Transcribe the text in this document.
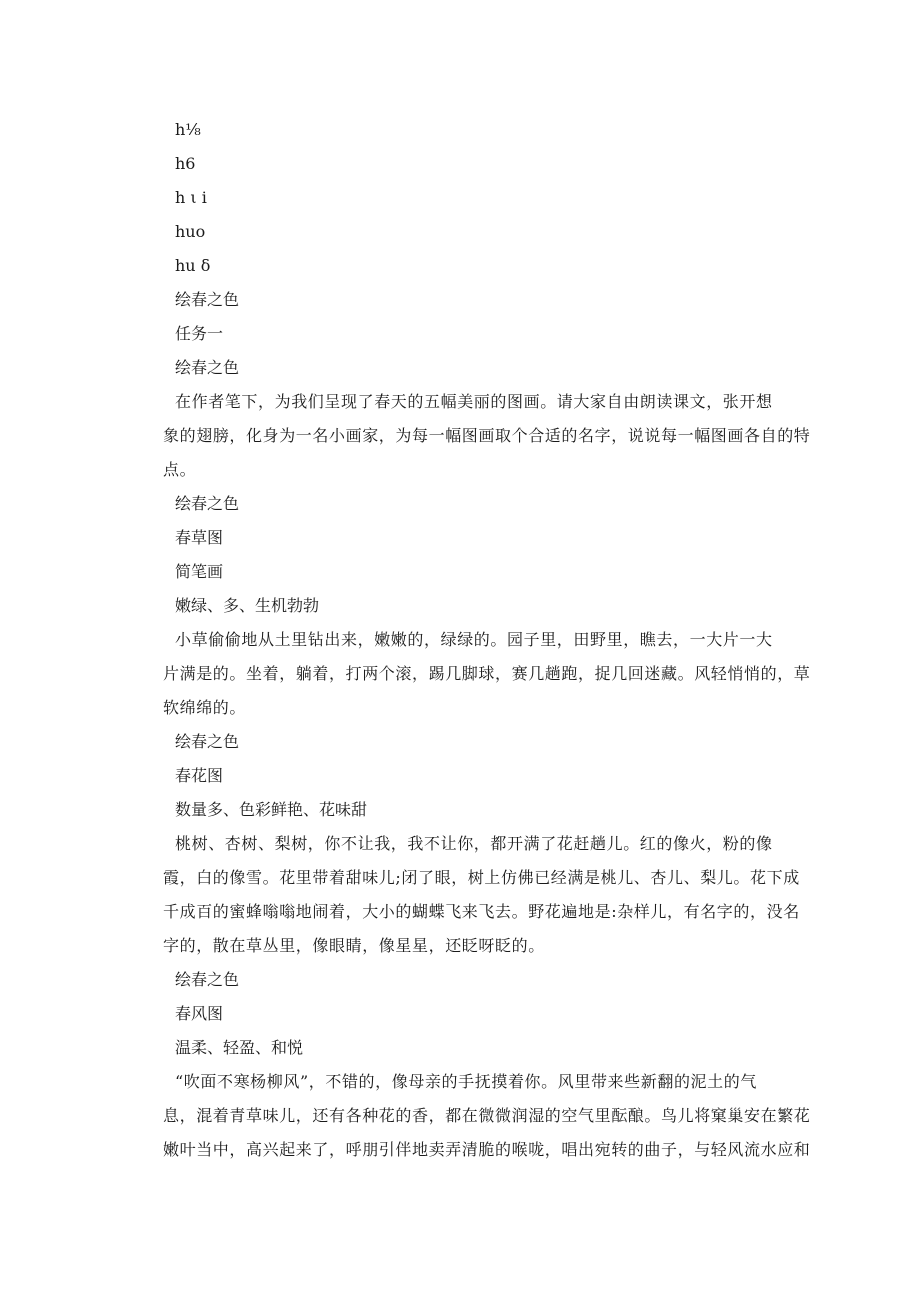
h⅛
h6
h ι i
huo
hu δ
绘春之色
任务一
绘春之色
在作者笔下，为我们呈现了春天的五幅美丽的图画。请大家自由朗读课文，张开想
象的翅膀，化身为一名小画家，为每一幅图画取个合适的名字，说说每一幅图画各自的特
点。
绘春之色
春草图
简笔画
嫩绿、多、生机勃勃
小草偷偷地从土里钻出来，嫩嫩的，绿绿的。园子里，田野里，瞧去，一大片一大
片满是的。坐着，躺着，打两个滚，踢几脚球，赛几趟跑，捉几回迷藏。风轻悄悄的，草
软绵绵的。
绘春之色
春花图
数量多、色彩鲜艳、花味甜
桃树、杏树、梨树，你不让我，我不让你，都开满了花赶趟儿。红的像火，粉的像
霞，白的像雪。花里带着甜味儿;闭了眼，树上仿佛已经满是桃儿、杏儿、梨儿。花下成
千成百的蜜蜂嗡嗡地闹着，大小的蝴蝶飞来飞去。野花遍地是:杂样儿，有名字的，没名
字的，散在草丛里，像眼睛，像星星，还眨呀眨的。
绘春之色
春风图
温柔、轻盈、和悦
“吹面不寒杨柳风”，不错的，像母亲的手抚摸着你。风里带来些新翻的泥土的气
息，混着青草味儿，还有各种花的香，都在微微润湿的空气里酝酿。鸟儿将窠巢安在繁花
嫩叶当中，高兴起来了，呼朋引伴地卖弄清脆的喉咙，唱出宛转的曲子，与轻风流水应和
